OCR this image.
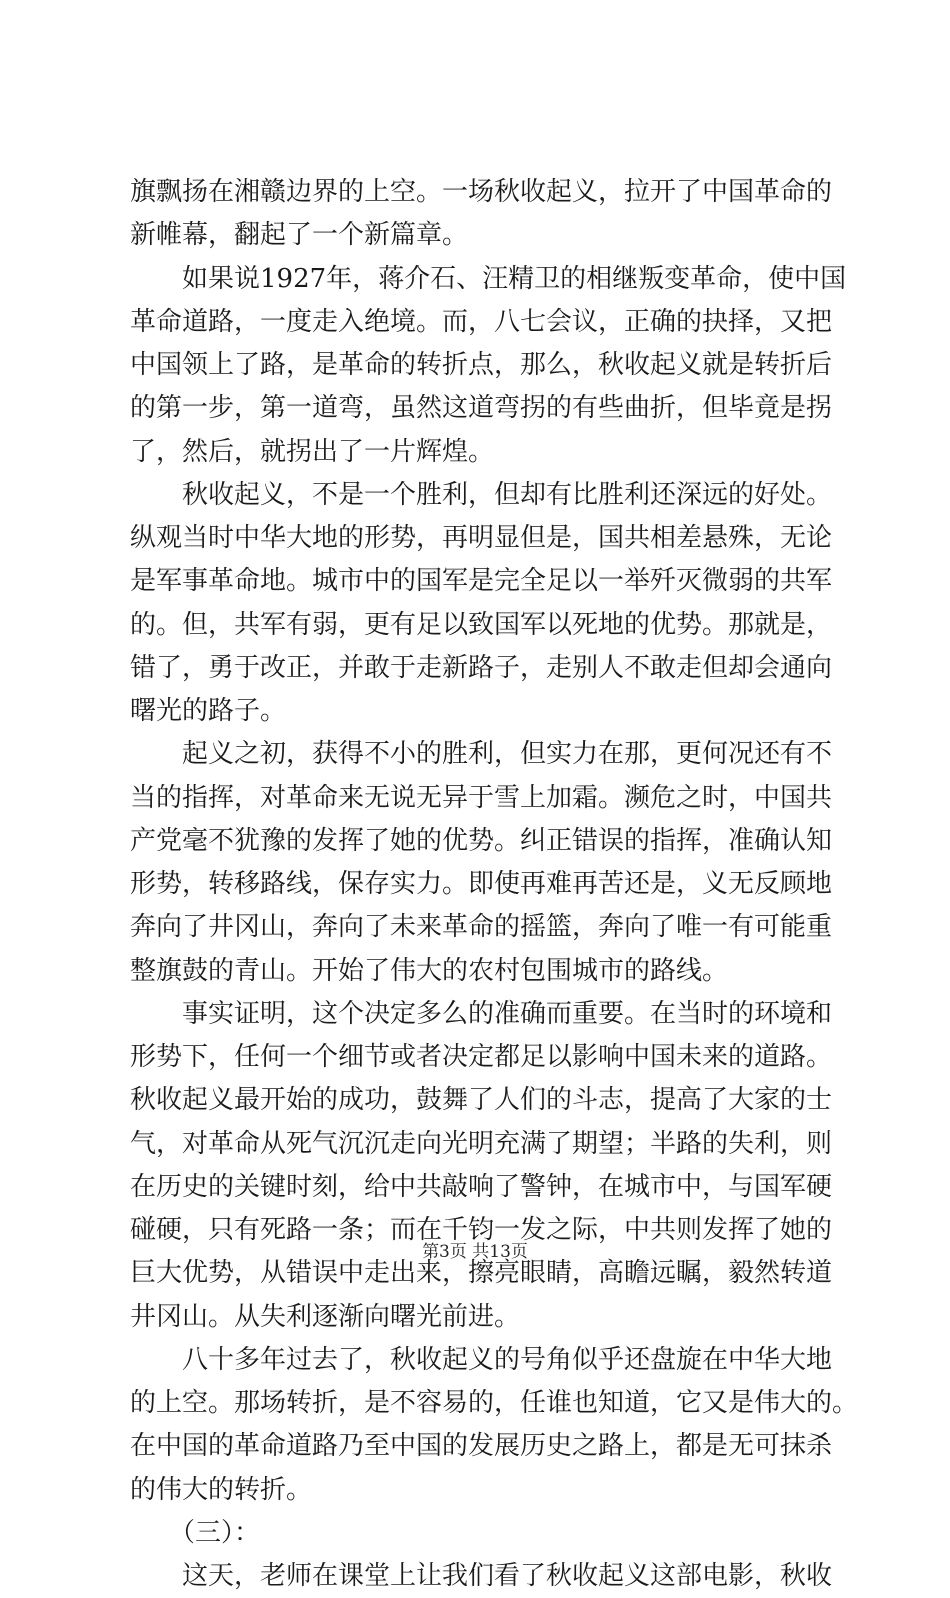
旗飘扬在湘赣边界的上空。一场秋收起义，拉开了中国革命的
新帷幕，翻起了一个新篇章。
　　如果说1927年，蒋介石、汪精卫的相继叛变革命，使中国
革命道路，一度走入绝境。而，八七会议，正确的抉择，又把
中国领上了路，是革命的转折点，那么，秋收起义就是转折后
的第一步，第一道弯，虽然这道弯拐的有些曲折，但毕竟是拐
了，然后，就拐出了一片辉煌。
　　秋收起义，不是一个胜利，但却有比胜利还深远的好处。
纵观当时中华大地的形势，再明显但是，国共相差悬殊，无论
是军事革命地。城市中的国军是完全足以一举歼灭微弱的共军
的。但，共军有弱，更有足以致国军以死地的优势。那就是，
错了，勇于改正，并敢于走新路子，走别人不敢走但却会通向
曙光的路子。
　　起义之初，获得不小的胜利，但实力在那，更何况还有不
当的指挥，对革命来无说无异于雪上加霜。濒危之时，中国共
产党毫不犹豫的发挥了她的优势。纠正错误的指挥，准确认知
形势，转移路线，保存实力。即使再难再苦还是，义无反顾地
奔向了井冈山，奔向了未来革命的摇篮，奔向了唯一有可能重
整旗鼓的青山。开始了伟大的农村包围城市的路线。
　　事实证明，这个决定多么的准确而重要。在当时的环境和
形势下，任何一个细节或者决定都足以影响中国未来的道路。
秋收起义最开始的成功，鼓舞了人们的斗志，提高了大家的士
气，对革命从死气沉沉走向光明充满了期望；半路的失利，则
在历史的关键时刻，给中共敲响了警钟，在城市中，与国军硬
碰硬，只有死路一条；而在千钧一发之际，中共则发挥了她的
巨大优势，从错误中走出来，擦亮眼睛，高瞻远瞩，毅然转道
井冈山。从失利逐渐向曙光前进。
　　八十多年过去了，秋收起义的号角似乎还盘旋在中华大地
的上空。那场转折，是不容易的，任谁也知道，它又是伟大的。
在中国的革命道路乃至中国的发展历史之路上，都是无可抹杀
的伟大的转折。
　　（三）：
　　这天，老师在课堂上让我们看了秋收起义这部电影，秋收
第3页 共13页
